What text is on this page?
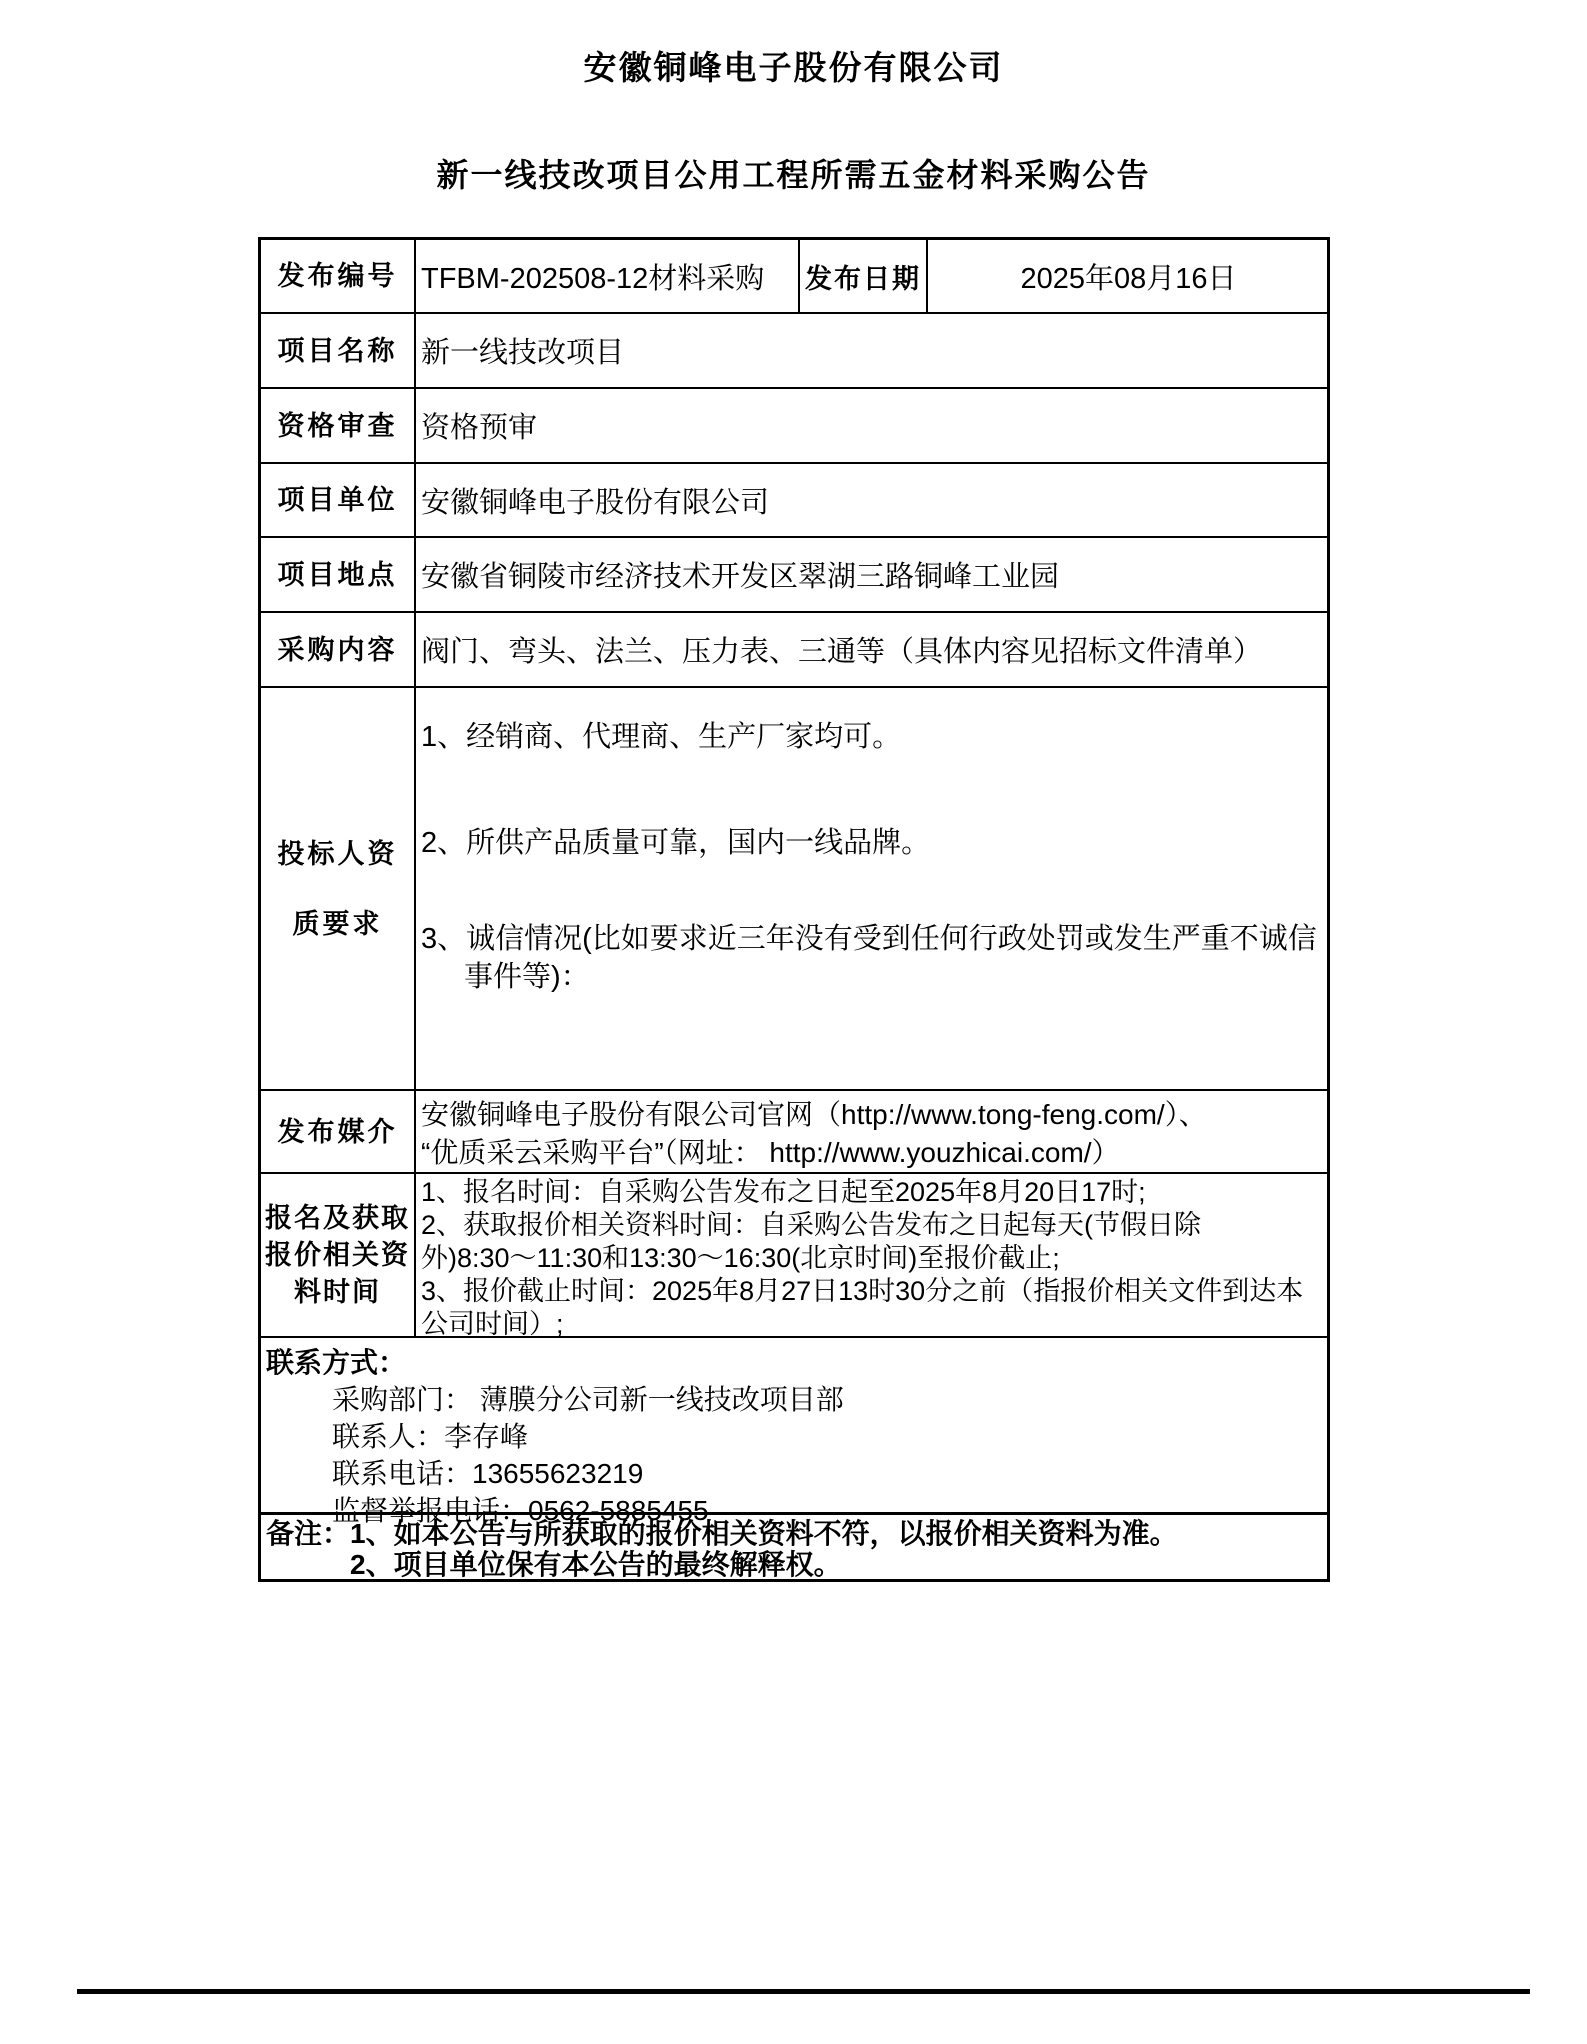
安徽铜峰电子股份有限公司
新一线技改项目公用工程所需五金材料采购公告
发布编号 TFBM-202508-12材料采购	发布日期	2025年08月16日
项目名称 新一线技改项目
资格审查 资格预审
项目单位 安徽铜峰电子股份有限公司
项目地点 安徽省铜陵市经济技术开发区翠湖三路铜峰工业园
采购内容 阀门、弯头、法兰、压力表、三通等（具体内容见招标文件清单）
投标人资
质要求
1、经销商、代理商、生产厂家均可。
2、所供产品质量可靠，国内一线品牌。
3、诚信情况(比如要求近三年没有受到任何行政处罚或发生严重不诚信
事件等)：
发布媒介
安徽铜峰电子股份有限公司官网（http://www.tong-feng.com/）、
“优质采云采购平台”（网址： http://www.youzhicai.com/）
报名及获取
报价相关资
料时间
1、报名时间：自采购公告发布之日起至2025年8月20日17时;
2、获取报价相关资料时间：自采购公告发布之日起每天(节假日除
外)8:30～11:30和13:30～16:30(北京时间)至报价截止;
3、报价截止时间：2025年8月27日13时30分之前（指报价相关文件到达本
公司时间）;
联系方式：
采购部门： 薄膜分公司新一线技改项目部
联系人：李存峰
联系电话：13655623219
监督举报电话：0562-5885455
备注：1、如本公告与所获取的报价相关资料不符，以报价相关资料为准。
2、项目单位保有本公告的最终解释权。
